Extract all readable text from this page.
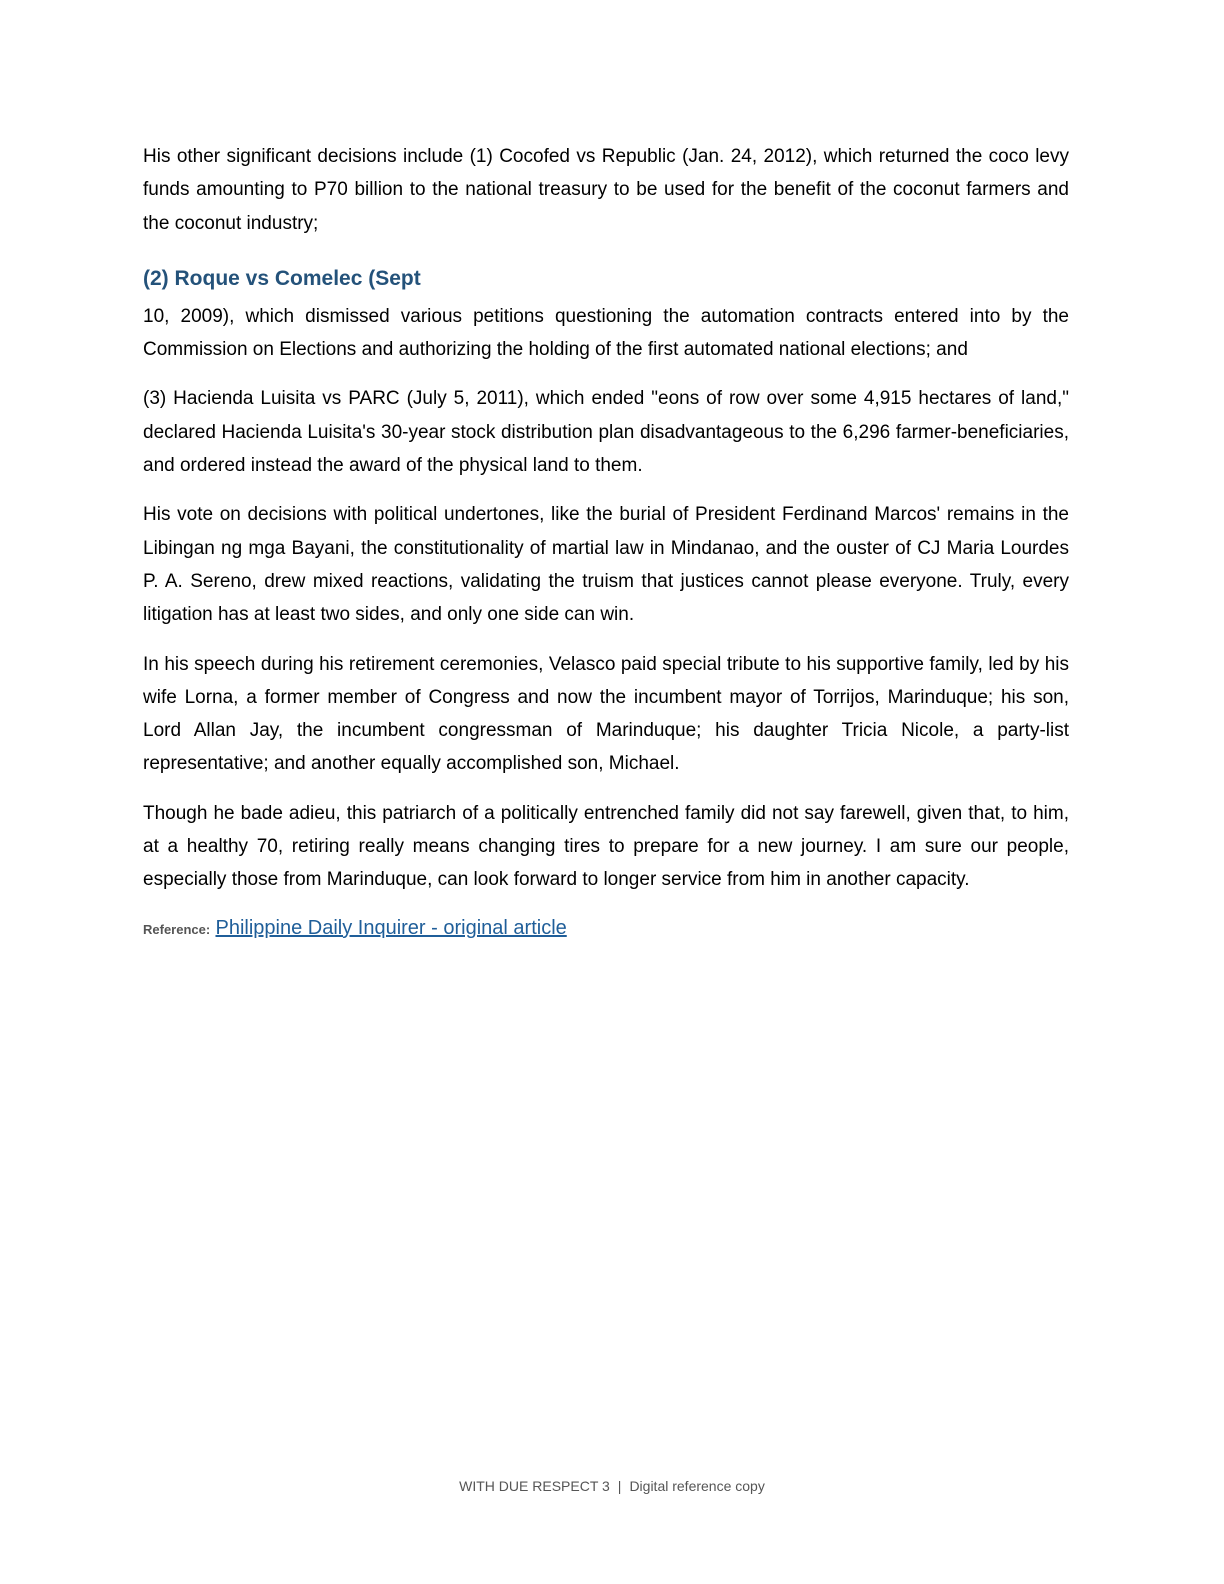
His other significant decisions include (1) Cocofed vs Republic (Jan. 24, 2012), which returned the coco levy funds amounting to P70 billion to the national treasury to be used for the benefit of the coconut farmers and the coconut industry;

(2) Roque vs Comelec (Sept

10, 2009), which dismissed various petitions questioning the automation contracts entered into by the Commission on Elections and authorizing the holding of the first automated national elections; and

(3) Hacienda Luisita vs PARC (July 5, 2011), which ended "eons of row over some 4,915 hectares of land," declared Hacienda Luisita's 30-year stock distribution plan disadvantageous to the 6,296 farmer-beneficiaries, and ordered instead the award of the physical land to them.

His vote on decisions with political undertones, like the burial of President Ferdinand Marcos' remains in the Libingan ng mga Bayani, the constitutionality of martial law in Mindanao, and the ouster of CJ Maria Lourdes P. A. Sereno, drew mixed reactions, validating the truism that justices cannot please everyone. Truly, every litigation has at least two sides, and only one side can win.

In his speech during his retirement ceremonies, Velasco paid special tribute to his supportive family, led by his wife Lorna, a former member of Congress and now the incumbent mayor of Torrijos, Marinduque; his son, Lord Allan Jay, the incumbent congressman of Marinduque; his daughter Tricia Nicole, a party-list representative; and another equally accomplished son, Michael.

Though he bade adieu, this patriarch of a politically entrenched family did not say farewell, given that, to him, at a healthy 70, retiring really means changing tires to prepare for a new journey. I am sure our people, especially those from Marinduque, can look forward to longer service from him in another capacity.

Reference: Philippine Daily Inquirer - original article
WITH DUE RESPECT 3 | Digital reference copy
